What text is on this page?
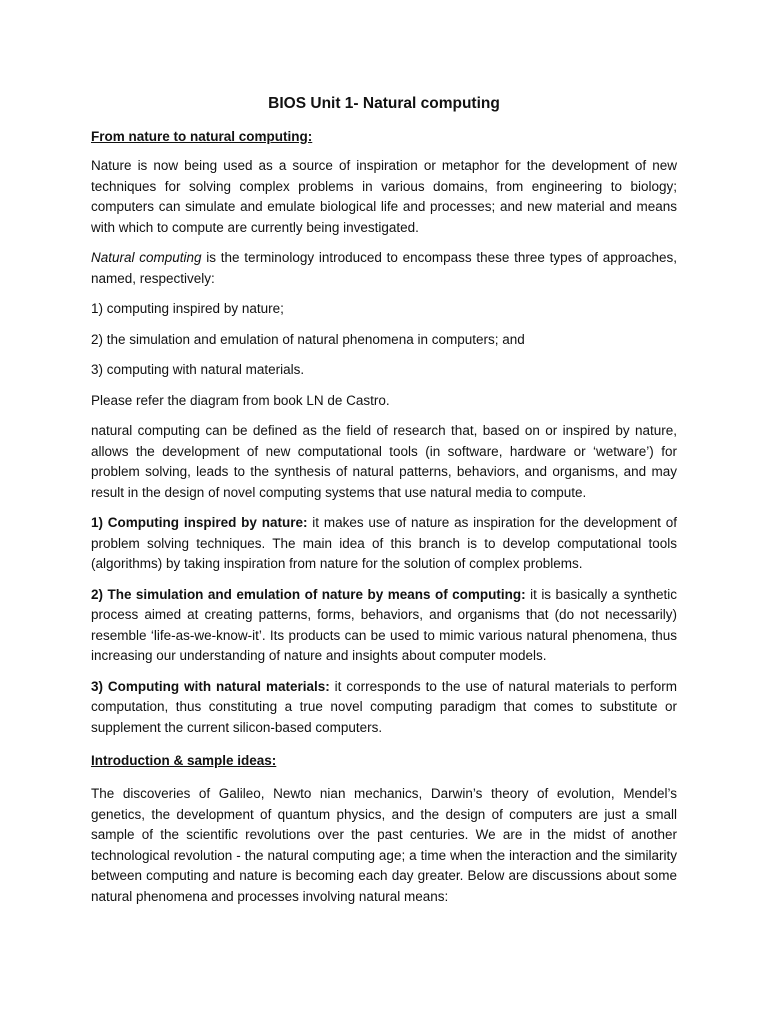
BIOS Unit 1- Natural computing
From nature to natural computing:

Nature is now being used as a source of inspiration or metaphor for the development of new techniques for solving complex problems in various domains, from engineering to biology; computers can simulate and emulate biological life and processes; and new material and means with which to compute are currently being investigated.

Natural computing is the terminology introduced to encompass these three types of approaches, named, respectively:

1) computing inspired by nature;

2) the simulation and emulation of natural phenomena in computers; and

3) computing with natural materials.

Please refer the diagram from book LN de Castro.

natural computing can be defined as the field of research that, based on or inspired by nature, allows the development of new computational tools (in software, hardware or ‘wetware’) for problem solving, leads to the synthesis of natural patterns, behaviors, and organisms, and may result in the design of novel computing systems that use natural media to compute.

1) Computing inspired by nature: it makes use of nature as inspiration for the development of problem solving techniques. The main idea of this branch is to develop computational tools (algorithms) by taking inspiration from nature for the solution of complex problems.

2) The simulation and emulation of nature by means of computing: it is basically a synthetic process aimed at creating patterns, forms, behaviors, and organisms that (do not necessarily) resemble ‘life-as-we-know-it’. Its products can be used to mimic various natural phenomena, thus increasing our understanding of nature and insights about computer models.

3) Computing with natural materials: it corresponds to the use of natural materials to perform computation, thus constituting a true novel computing paradigm that comes to substitute or supplement the current silicon-based computers.

Introduction & sample ideas:

The discoveries of Galileo, Newto nian mechanics, Darwin’s theory of evolution, Mendel’s genetics, the development of quantum physics, and the design of computers are just a small sample of the scientific revolutions over the past centuries. We are in the midst of another technological revolution - the natural computing age; a time when the interaction and the similarity between computing and nature is becoming each day greater. Below are discussions about some natural phenomena and processes involving natural means:
